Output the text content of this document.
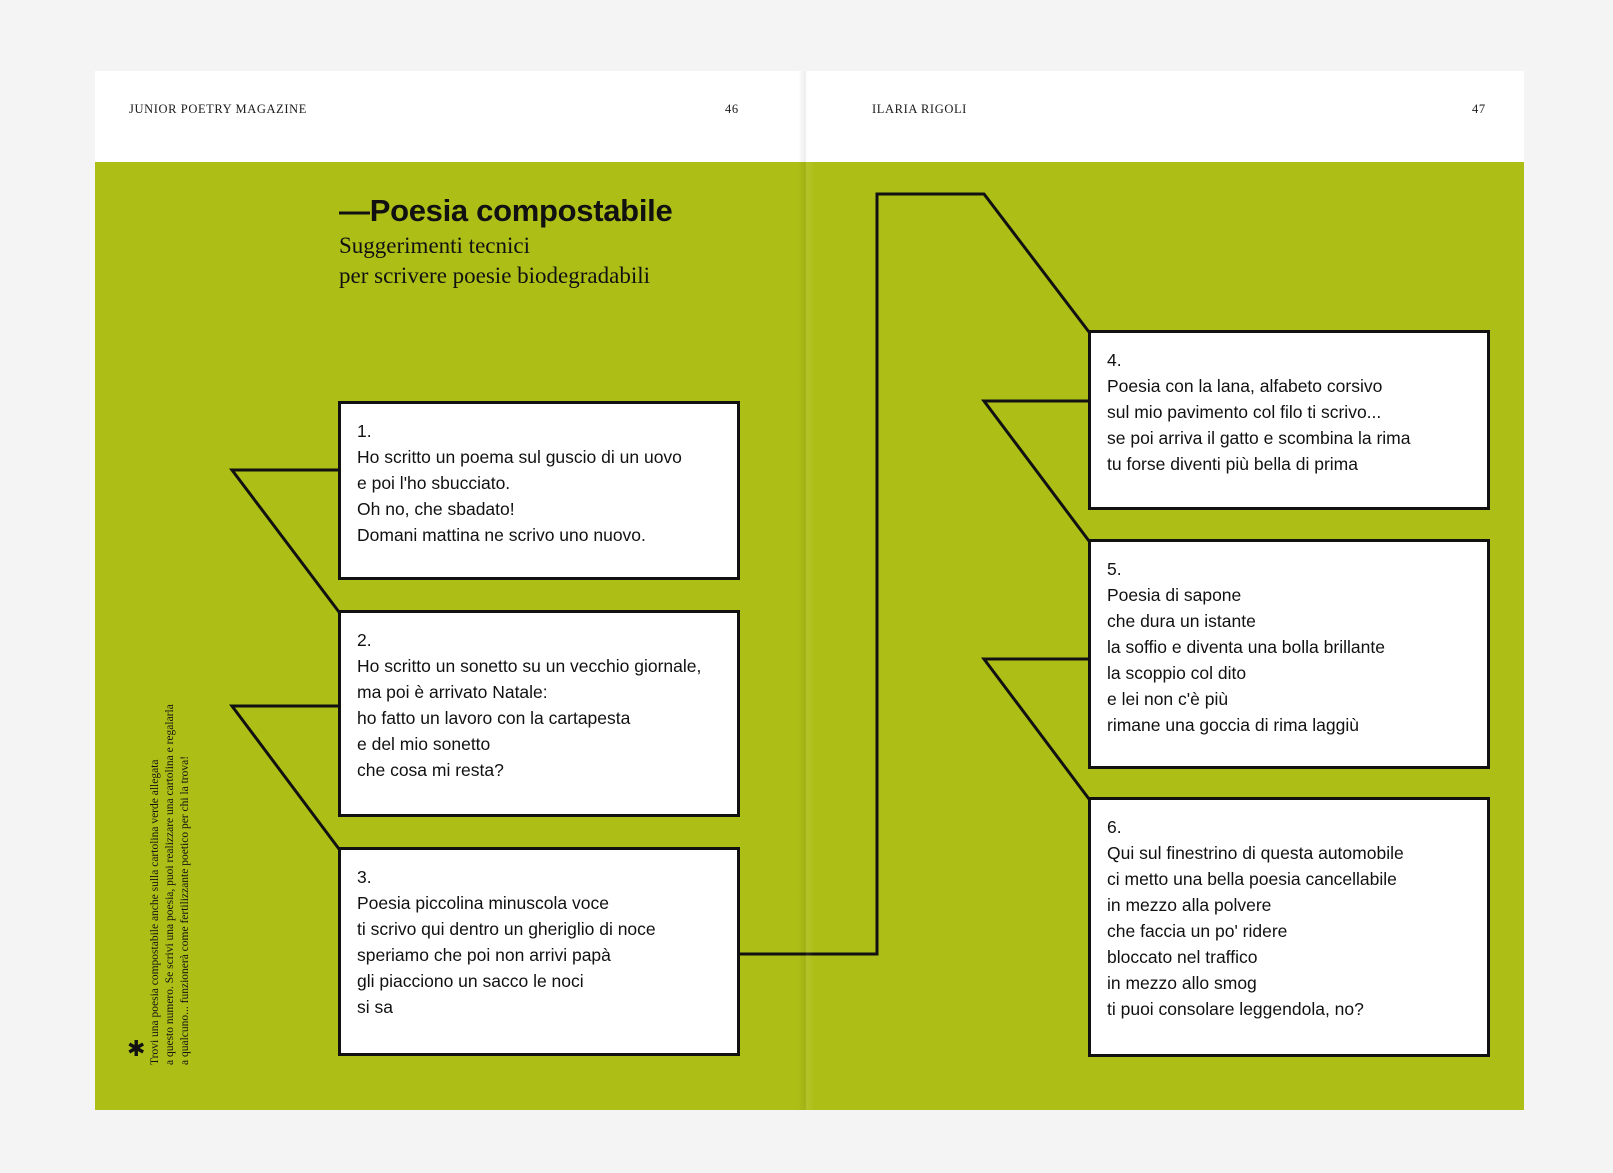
JUNIOR POETRY MAGAZINE	46	ILARIA RIGOLI	47
—Poesia compostabile
Suggerimenti tecnici
per scrivere poesie biodegradabili
1.
Ho scritto un poema sul guscio di un uovo
e poi l'ho sbucciato.
Oh no, che sbadato!
Domani mattina ne scrivo uno nuovo.
2.
Ho scritto un sonetto su un vecchio giornale,
ma poi è arrivato Natale:
ho fatto un lavoro con la cartapesta
e del mio sonetto
che cosa mi resta?
3.
Poesia piccolina minuscola voce
ti scrivo qui dentro un gheriglio di noce
speriamo che poi non arrivi papà
gli piacciono un sacco le noci
si sa
4.
Poesia con la lana, alfabeto corsivo
sul mio pavimento col filo ti scrivo...
se poi arriva il gatto e scombina la rima
tu forse diventi più bella di prima
5.
Poesia di sapone
che dura un istante
la soffio e diventa una bolla brillante
la scoppio col dito
e lei non c'è più
rimane una goccia di rima laggiù
6.
Qui sul finestrino di questa automobile
ci metto una bella poesia cancellabile
in mezzo alla polvere
che faccia un po' ridere
bloccato nel traffico
in mezzo allo smog
ti puoi consolare leggendola, no?
✱ Trovi una poesia compostabile anche sulla cartolina verde allegata a questo numero. Se scrivi una poesia, puoi realizzare una cartolina e regalarla a qualcuno... funzionerà come fertilizzante poetico per chi la trova!
